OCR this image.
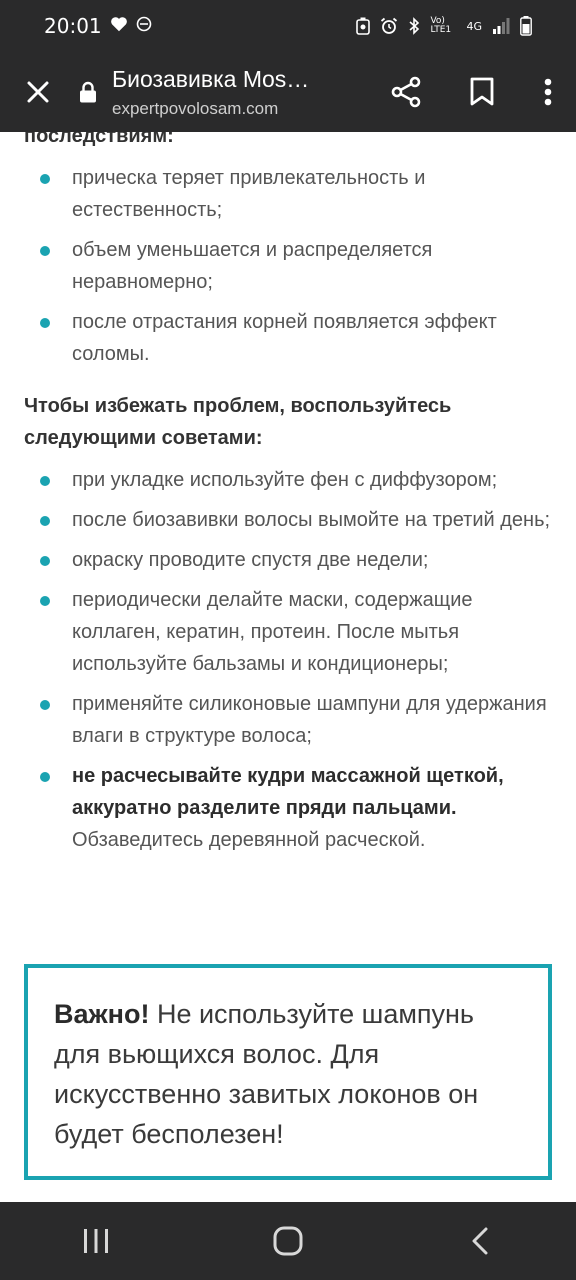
20:01	Vo) LTE1	4G
Биозавивка Mos…
expertpovolosam.com
последствиям:
прическа теряет привлекательность и естественность;
объем уменьшается и распределяется неравномерно;
после отрастания корней появляется эффект соломы.
Чтобы избежать проблем, воспользуйтесь следующими советами:
при укладке используйте фен с диффузором;
после биозавивки волосы вымойте на третий день;
окраску проводите спустя две недели;
периодически делайте маски, содержащие коллаген, кератин, протеин. После мытья используйте бальзамы и кондиционеры;
применяйте силиконовые шампуни для удержания влаги в структуре волоса;
не расчесывайте кудри массажной щеткой, аккуратно разделите пряди пальцами. Обзаведитесь деревянной расческой.
Важно! Не используйте шампунь для вьющихся волос. Для искусственно завитых локонов он будет бесполезен!
